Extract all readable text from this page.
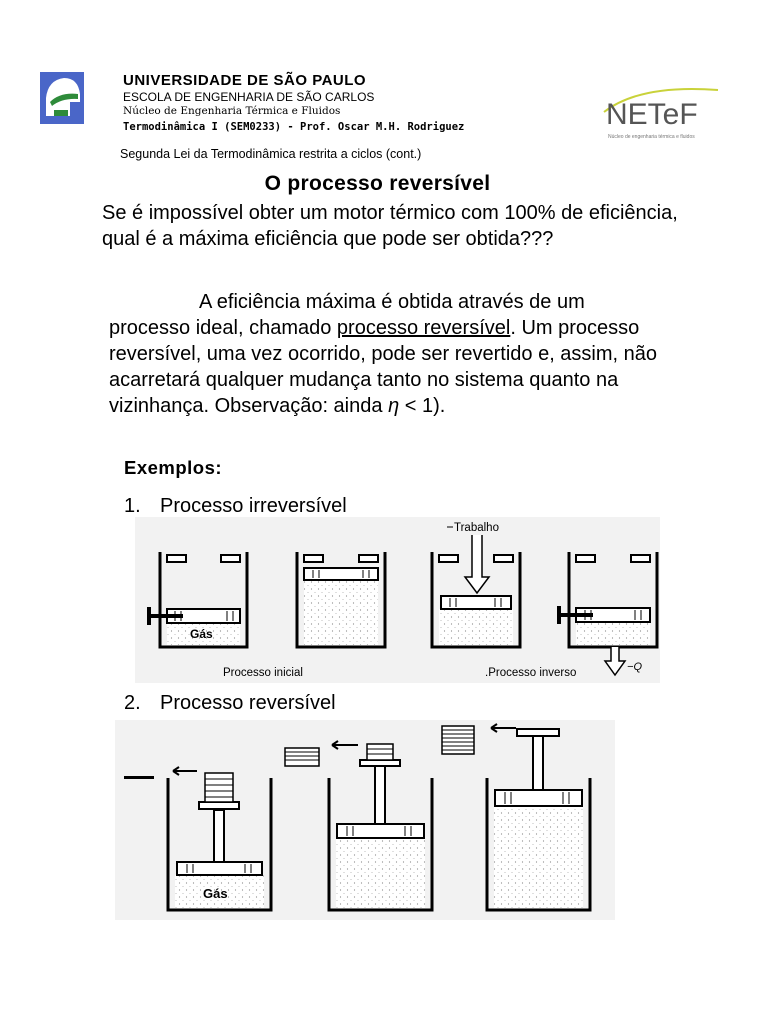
UNIVERSIDADE DE SÃO PAULO
ESCOLA DE ENGENHARIA DE SÃO CARLOS
Núcleo de Engenharia Térmica e Fluidos
Termodinâmica I (SEM0233) - Prof. Oscar M.H. Rodriguez	NETeF
Núcleo de engenharia térmica e fluidos
Segunda Lei da Termodinâmica restrita a ciclos (cont.)
O processo reversível
Se é impossível obter um motor térmico com 100% de eficiência, qual é a máxima eficiência que pode ser obtida???
A eficiência máxima é obtida através de um processo ideal, chamado processo reversível. Um processo reversível, uma vez ocorrido, pode ser revertido e, assim, não acarretará qualquer mudança tanto no sistema quanto na vizinhança. Observação: ainda η < 1).
Exemplos:
1. Processo irreversível
2. Processo reversível
Gás
Trabalho
−Q
Processo inicial	.Processo inverso
Gás
